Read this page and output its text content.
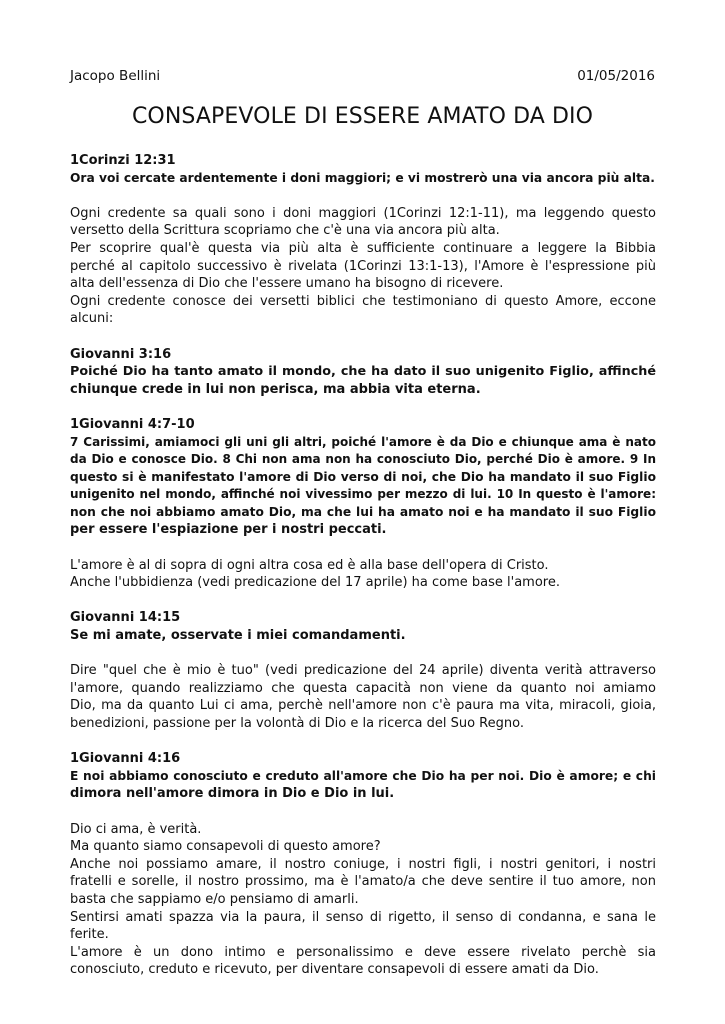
Jacopo Bellini	01/05/2016
CONSAPEVOLE DI ESSERE AMATO DA DIO
1Corinzi 12:31
Ora voi cercate ardentemente i doni maggiori; e vi mostrerò una via ancora più alta.
Ogni credente sa quali sono i doni maggiori (1Corinzi 12:1-11), ma leggendo questo
versetto della Scrittura scopriamo che c'è una via ancora più alta.
Per scoprire qual'è questa via più alta è sufficiente continuare a leggere la Bibbia
perché al capitolo successivo è rivelata (1Corinzi 13:1-13), l'Amore è l'espressione più
alta dell'essenza di Dio che l'essere umano ha bisogno di ricevere.
Ogni credente conosce dei versetti biblici che testimoniano di questo Amore, eccone
alcuni:
Giovanni 3:16
Poiché Dio ha tanto amato il mondo, che ha dato il suo unigenito Figlio, affinché
chiunque crede in lui non perisca, ma abbia vita eterna.
1Giovanni 4:7-10
7 Carissimi, amiamoci gli uni gli altri, poiché l'amore è da Dio e chiunque ama è nato
da Dio e conosce Dio. 8 Chi non ama non ha conosciuto Dio, perché Dio è amore. 9 In
questo si è manifestato l'amore di Dio verso di noi, che Dio ha mandato il suo Figlio
unigenito nel mondo, affinché noi vivessimo per mezzo di lui. 10 In questo è l'amore:
non che noi abbiamo amato Dio, ma che lui ha amato noi e ha mandato il suo Figlio
per essere l'espiazione per i nostri peccati.
L'amore è al di sopra di ogni altra cosa ed è alla base dell'opera di Cristo.
Anche l'ubbidienza (vedi predicazione del 17 aprile) ha come base l'amore.
Giovanni 14:15
Se mi amate, osservate i miei comandamenti.
Dire "quel che è mio è tuo" (vedi predicazione del 24 aprile) diventa verità attraverso
l'amore, quando realizziamo che questa capacità non viene da quanto noi amiamo
Dio, ma da quanto Lui ci ama, perchè nell'amore non c'è paura ma vita, miracoli, gioia,
benedizioni, passione per la volontà di Dio e la ricerca del Suo Regno.
1Giovanni 4:16
E noi abbiamo conosciuto e creduto all'amore che Dio ha per noi. Dio è amore; e chi
dimora nell'amore dimora in Dio e Dio in lui.
Dio ci ama, è verità.
Ma quanto siamo consapevoli di questo amore?
Anche noi possiamo amare, il nostro coniuge, i nostri figli, i nostri genitori, i nostri
fratelli e sorelle, il nostro prossimo, ma è l'amato/a che deve sentire il tuo amore, non
basta che sappiamo e/o pensiamo di amarli.
Sentirsi amati spazza via la paura, il senso di rigetto, il senso di condanna, e sana le
ferite.
L'amore è un dono intimo e personalissimo e deve essere rivelato perchè sia
conosciuto, creduto e ricevuto, per diventare consapevoli di essere amati da Dio.
